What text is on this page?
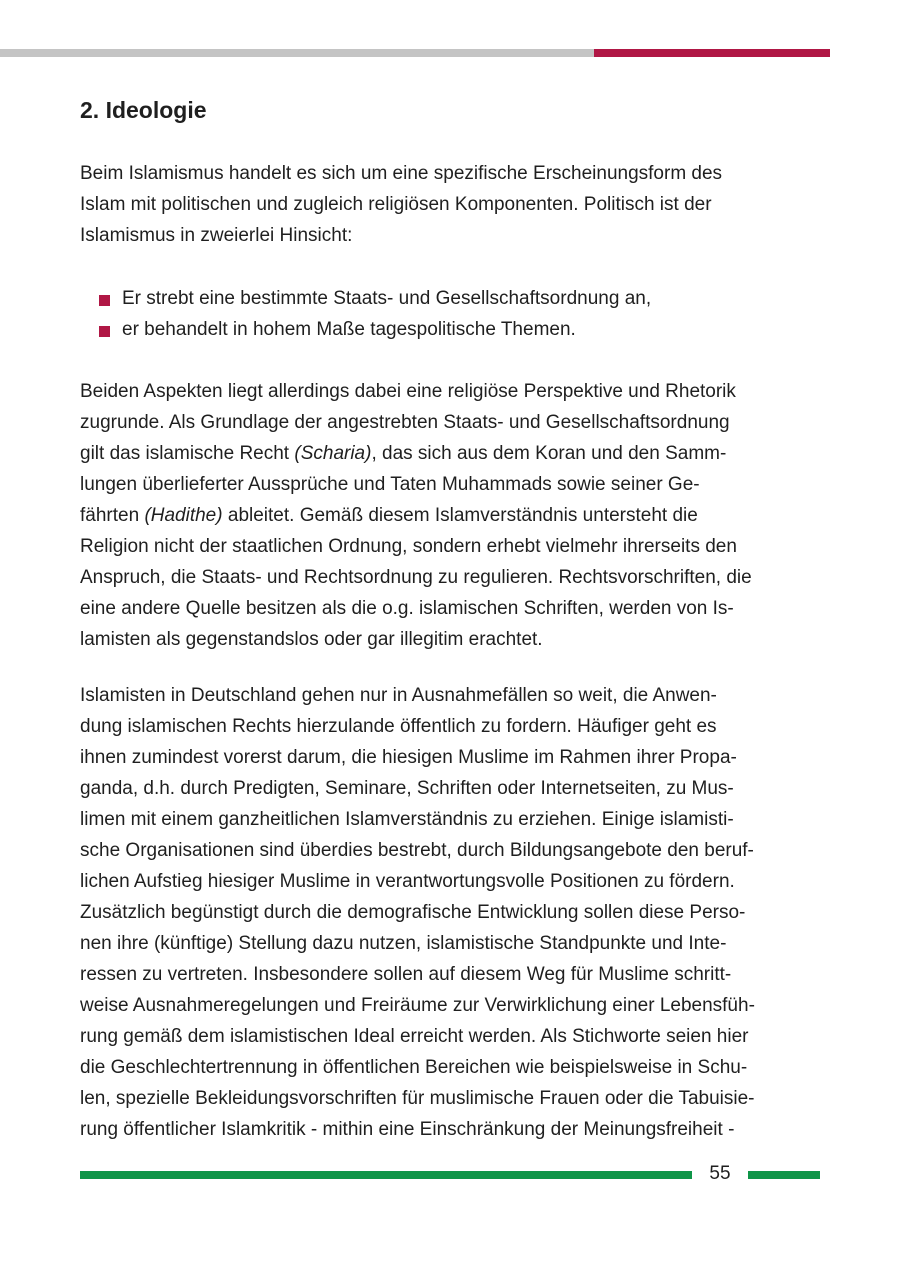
2. Ideologie
Beim Islamismus handelt es sich um eine spezifische Erscheinungsform des
Islam mit politischen und zugleich religiösen Komponenten. Politisch ist der
Islamismus in zweierlei Hinsicht:
Er strebt eine bestimmte Staats- und Gesellschaftsordnung an,
er behandelt in hohem Maße tagespolitische Themen.
Beiden Aspekten liegt allerdings dabei eine religiöse Perspektive und Rhetorik
zugrunde. Als Grundlage der angestrebten Staats- und Gesellschaftsordnung
gilt das islamische Recht (Scharia), das sich aus dem Koran und den Samm-
lungen überlieferter Aussprüche und Taten Muhammads sowie seiner Ge-
fährten (Hadithe) ableitet. Gemäß diesem Islamverständnis untersteht die
Religion nicht der staatlichen Ordnung, sondern erhebt vielmehr ihrerseits den
Anspruch, die Staats- und Rechtsordnung zu regulieren. Rechtsvorschriften, die
eine andere Quelle besitzen als die o.g. islamischen Schriften, werden von Is-
lamisten als gegenstandslos oder gar illegitim erachtet.
Islamisten in Deutschland gehen nur in Ausnahmefällen so weit, die Anwen-
dung islamischen Rechts hierzulande öffentlich zu fordern. Häufiger geht es
ihnen zumindest vorerst darum, die hiesigen Muslime im Rahmen ihrer Propa-
ganda, d.h. durch Predigten, Seminare, Schriften oder Internetseiten, zu Mus-
limen mit einem ganzheitlichen Islamverständnis zu erziehen. Einige islamisti-
sche Organisationen sind überdies bestrebt, durch Bildungsangebote den beruf-
lichen Aufstieg hiesiger Muslime in verantwortungsvolle Positionen zu fördern.
Zusätzlich begünstigt durch die demografische Entwicklung sollen diese Perso-
nen ihre (künftige) Stellung dazu nutzen, islamistische Standpunkte und Inte-
ressen zu vertreten. Insbesondere sollen auf diesem Weg für Muslime schritt-
weise Ausnahmeregelungen und Freiräume zur Verwirklichung einer Lebensfüh-
rung gemäß dem islamistischen Ideal erreicht werden. Als Stichworte seien hier
die Geschlechtertrennung in öffentlichen Bereichen wie beispielsweise in Schu-
len, spezielle Bekleidungsvorschriften für muslimische Frauen oder die Tabuisie-
rung öffentlicher Islamkritik - mithin eine Einschränkung der Meinungsfreiheit -
55
